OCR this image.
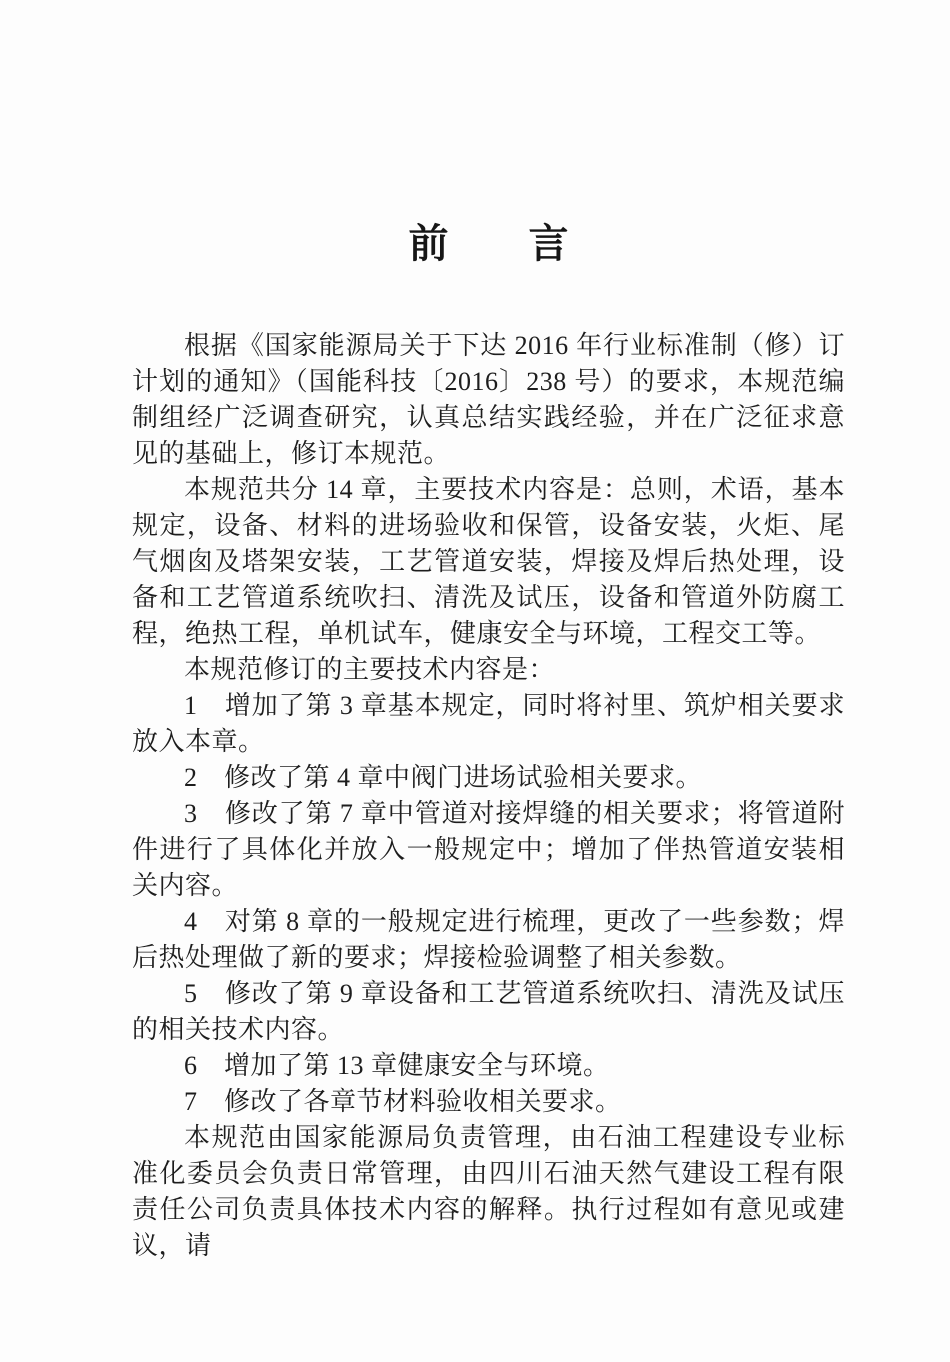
前　　言

根据《国家能源局关于下达 2016 年行业标准制（修）订计划的通知》（国能科技〔2016〕238 号）的要求，本规范编制组经广泛调查研究，认真总结实践经验，并在广泛征求意见的基础上，修订本规范。

本规范共分 14 章，主要技术内容是：总则，术语，基本规定，设备、材料的进场验收和保管，设备安装，火炬、尾气烟囱及塔架安装，工艺管道安装，焊接及焊后热处理，设备和工艺管道系统吹扫、清洗及试压，设备和管道外防腐工程，绝热工程，单机试车，健康安全与环境，工程交工等。

本规范修订的主要技术内容是：

1　增加了第 3 章基本规定，同时将衬里、筑炉相关要求放入本章。

2　修改了第 4 章中阀门进场试验相关要求。

3　修改了第 7 章中管道对接焊缝的相关要求；将管道附件进行了具体化并放入一般规定中；增加了伴热管道安装相关内容。

4　对第 8 章的一般规定进行梳理，更改了一些参数；焊后热处理做了新的要求；焊接检验调整了相关参数。

5　修改了第 9 章设备和工艺管道系统吹扫、清洗及试压的相关技术内容。

6　增加了第 13 章健康安全与环境。

7　修改了各章节材料验收相关要求。

本规范由国家能源局负责管理，由石油工程建设专业标准化委员会负责日常管理，由四川石油天然气建设工程有限责任公司负责具体技术内容的解释。执行过程如有意见或建议，请
